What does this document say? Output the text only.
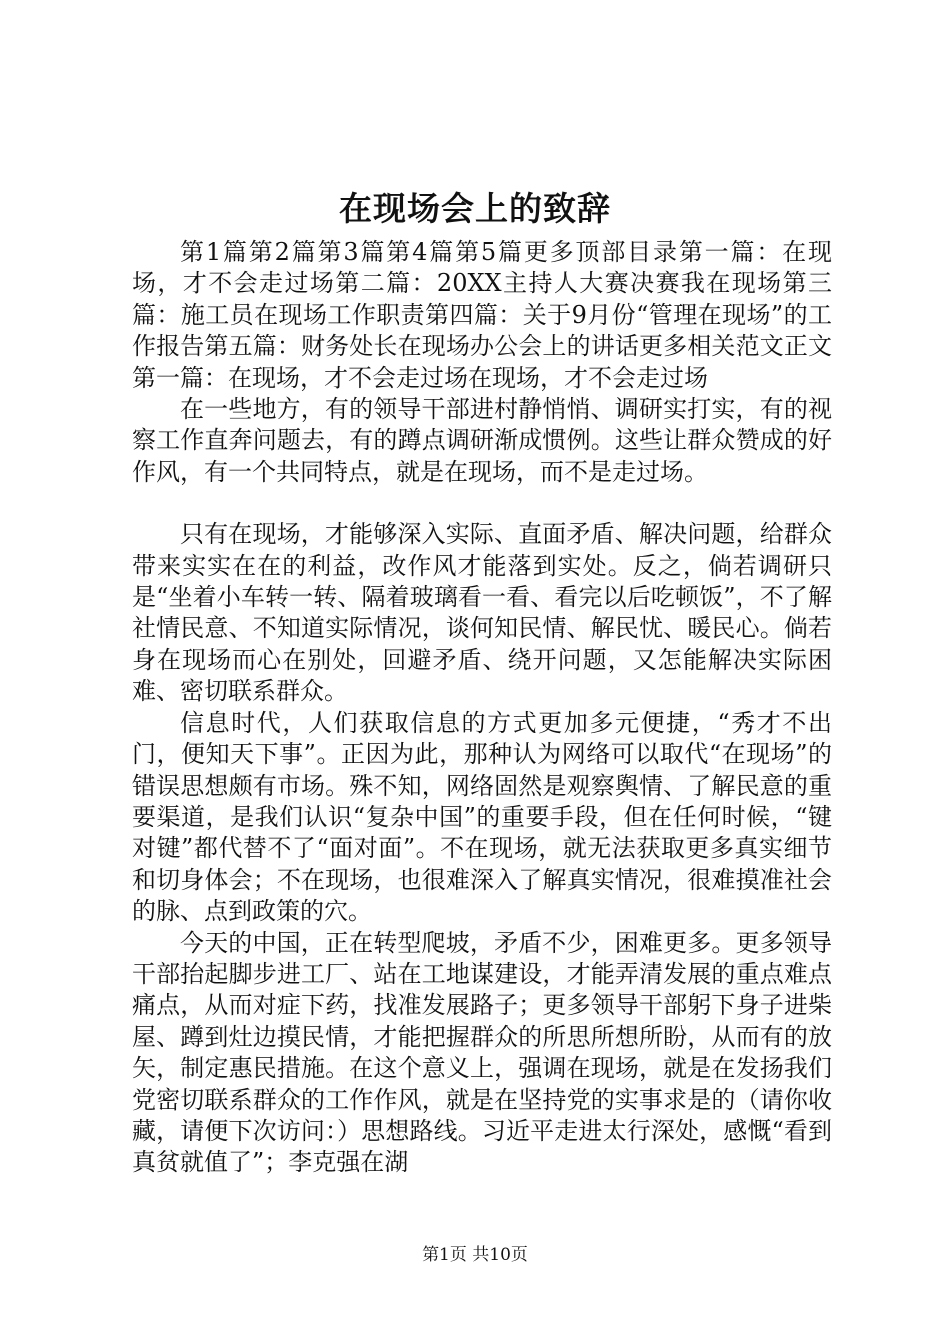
在现场会上的致辞

第1篇第2篇第3篇第4篇第5篇更多顶部目录第一篇：在现场，才不会走过场第二篇：20XX主持人大赛决赛我在现场第三篇：施工员在现场工作职责第四篇：关于9月份“管理在现场”的工作报告第五篇：财务处长在现场办公会上的讲话更多相关范文正文第一篇：在现场，才不会走过场在现场，才不会走过场

在一些地方，有的领导干部进村静悄悄、调研实打实，有的视察工作直奔问题去，有的蹲点调研渐成惯例。这些让群众赞成的好作风，有一个共同特点，就是在现场，而不是走过场。

只有在现场，才能够深入实际、直面矛盾、解决问题，给群众带来实实在在的利益，改作风才能落到实处。反之，倘若调研只是“坐着小车转一转、隔着玻璃看一看、看完以后吃顿饭”，不了解社情民意、不知道实际情况，谈何知民情、解民忧、暖民心。倘若身在现场而心在别处，回避矛盾、绕开问题，又怎能解决实际困难、密切联系群众。

信息时代，人们获取信息的方式更加多元便捷，“秀才不出门，便知天下事”。正因为此，那种认为网络可以取代“在现场”的错误思想颇有市场。殊不知，网络固然是观察舆情、了解民意的重要渠道，是我们认识“复杂中国”的重要手段，但在任何时候，“键对键”都代替不了“面对面”。不在现场，就无法获取更多真实细节和切身体会；不在现场，也很难深入了解真实情况，很难摸准社会的脉、点到政策的穴。

今天的中国，正在转型爬坡，矛盾不少，困难更多。更多领导干部抬起脚步进工厂、站在工地谋建设，才能弄清发展的重点难点痛点，从而对症下药，找准发展路子；更多领导干部躬下身子进柴屋、蹲到灶边摸民情，才能把握群众的所思所想所盼，从而有的放矢，制定惠民措施。在这个意义上，强调在现场，就是在发扬我们党密切联系群众的工作作风，就是在坚持党的实事求是的（请你收藏，请便下次访问：）思想路线。习近平走进太行深处，感慨“看到真贫就值了”；李克强在湖

第1页 共10页
